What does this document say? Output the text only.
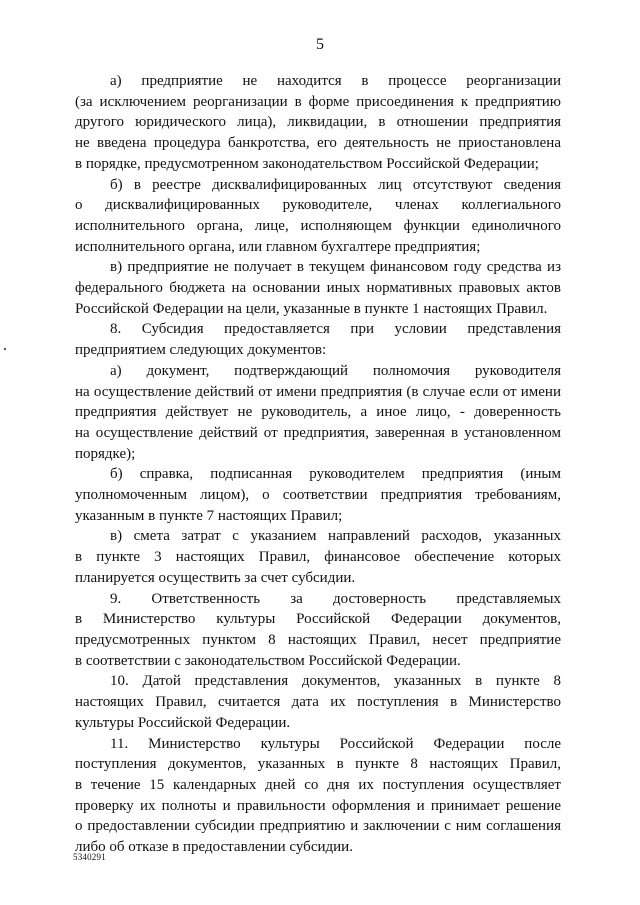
5
а) предприятие не находится в процессе реорганизации
(за исключением реорганизации в форме присоединения к предприятию
другого юридического лица), ликвидации, в отношении предприятия
не введена процедура банкротства, его деятельность не приостановлена
в порядке, предусмотренном законодательством Российской Федерации;
б) в реестре дисквалифицированных лиц отсутствуют сведения
о дисквалифицированных руководителе, членах коллегиального
исполнительного органа, лице, исполняющем функции единоличного
исполнительного органа, или главном бухгалтере предприятия;
в) предприятие не получает в текущем финансовом году средства из
федерального бюджета на основании иных нормативных правовых актов
Российской Федерации на цели, указанные в пункте 1 настоящих Правил.
8. Субсидия предоставляется при условии представления
предприятием следующих документов:
а) документ, подтверждающий полномочия руководителя
на осуществление действий от имени предприятия (в случае если от имени
предприятия действует не руководитель, а иное лицо, - доверенность
на осуществление действий от предприятия, заверенная в установленном
порядке);
б) справка, подписанная руководителем предприятия (иным
уполномоченным лицом), о соответствии предприятия требованиям,
указанным в пункте 7 настоящих Правил;
в) смета затрат с указанием направлений расходов, указанных
в пункте 3 настоящих Правил, финансовое обеспечение которых
планируется осуществить за счет субсидии.
9. Ответственность за достоверность представляемых
в Министерство культуры Российской Федерации документов,
предусмотренных пунктом 8 настоящих Правил, несет предприятие
в соответствии с законодательством Российской Федерации.
10. Датой представления документов, указанных в пункте 8
настоящих Правил, считается дата их поступления в Министерство
культуры Российской Федерации.
11. Министерство культуры Российской Федерации после
поступления документов, указанных в пункте 8 настоящих Правил,
в течение 15 календарных дней со дня их поступления осуществляет
проверку их полноты и правильности оформления и принимает решение
о предоставлении субсидии предприятию и заключении с ним соглашения
либо об отказе в предоставлении субсидии.
5340291
